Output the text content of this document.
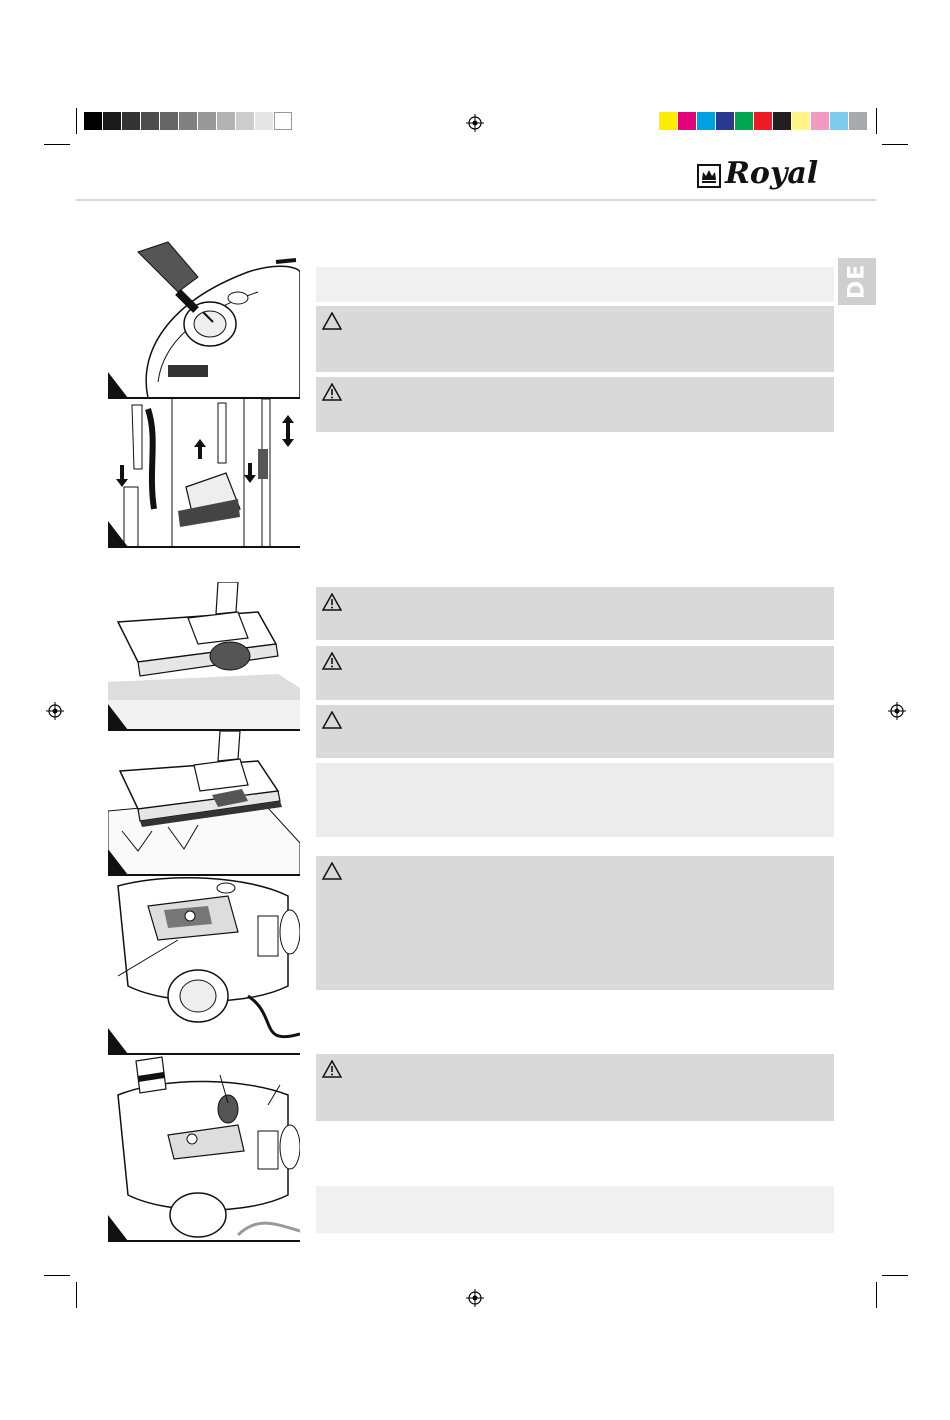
Royal
DE
